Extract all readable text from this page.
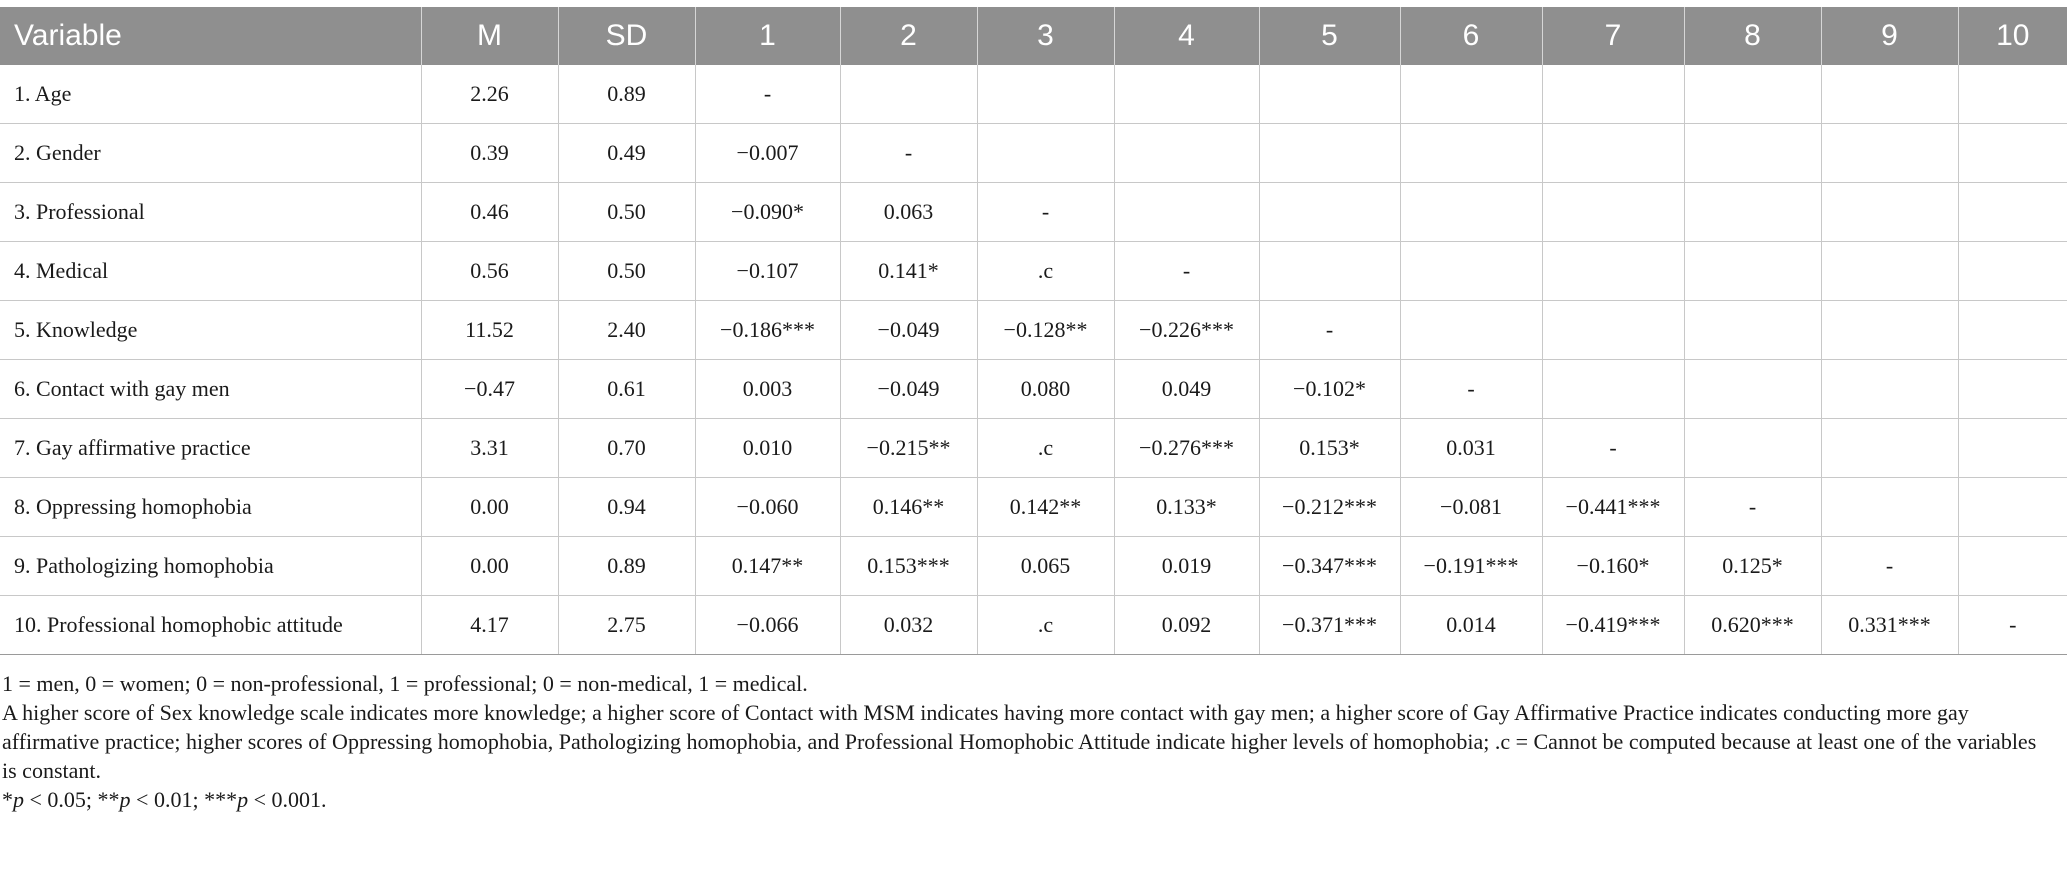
Variable	M	SD	1	2	3	4	5	6	7	8	9	10
1. Age	2.26	0.89	-									
2. Gender	0.39	0.49	−0.007	-								
3. Professional	0.46	0.50	−0.090*	0.063	-							
4. Medical	0.56	0.50	−0.107	0.141*	.c	-						
5. Knowledge	11.52	2.40	−0.186***	−0.049	−0.128**	−0.226***	-					
6. Contact with gay men	−0.47	0.61	0.003	−0.049	0.080	0.049	−0.102*	-				
7. Gay affirmative practice	3.31	0.70	0.010	−0.215**	.c	−0.276***	0.153*	0.031	-			
8. Oppressing homophobia	0.00	0.94	−0.060	0.146**	0.142**	0.133*	−0.212***	−0.081	−0.441***	-		
9. Pathologizing homophobia	0.00	0.89	0.147**	0.153***	0.065	0.019	−0.347***	−0.191***	−0.160*	0.125*	-	
10. Professional homophobic attitude	4.17	2.75	−0.066	0.032	.c	0.092	−0.371***	0.014	−0.419***	0.620***	0.331***	-

1 = men, 0 = women; 0 = non-professional, 1 = professional; 0 = non-medical, 1 = medical.

A higher score of Sex knowledge scale indicates more knowledge; a higher score of Contact with MSM indicates having more contact with gay men; a higher score of Gay Affirmative Practice indicates conducting more gay affirmative practice; higher scores of Oppressing homophobia, Pathologizing homophobia, and Professional Homophobic Attitude indicate higher levels of homophobia; .c = Cannot be computed because at least one of the variables is constant.

*p < 0.05; **p < 0.01; ***p < 0.001.
